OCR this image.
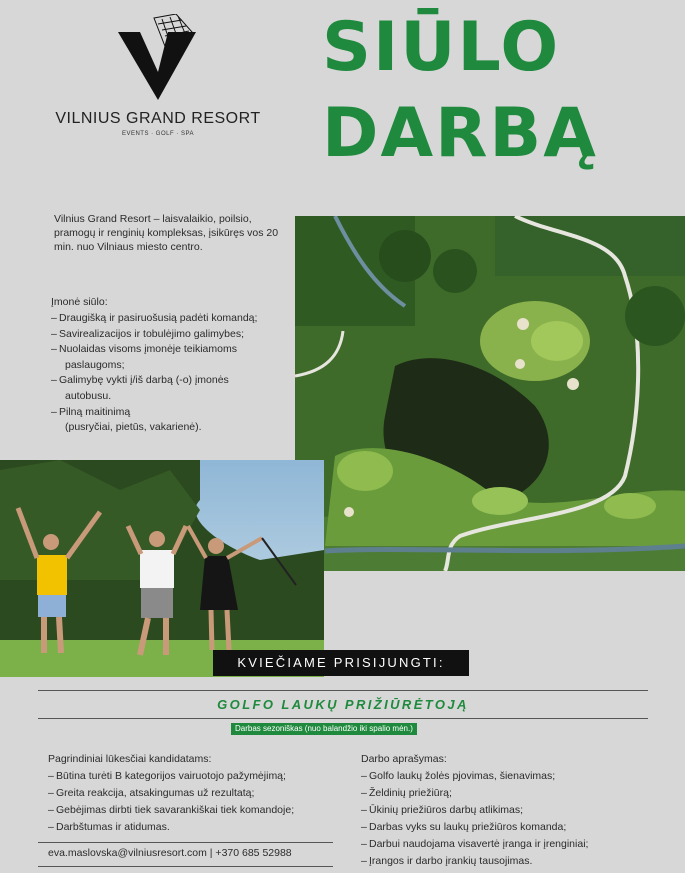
VILNIUS GRAND RESORT
EVENTS · GOLF · SPA
SIŪLO
DARBĄ
Vilnius Grand Resort – laisvalaikio, poilsio, pramogų ir renginių kompleksas, įsikūręs vos 20 min. nuo Vilniaus miesto centro.
Įmonė siūlo:
– Draugišką ir pasiruošusią padėti komandą;
– Savirealizacijos ir tobulėjimo galimybes;
– Nuolaidas visoms įmonėje teikiamoms
paslaugoms;
– Galimybę vykti į/iš darbą (-o) įmonės
autobusu.
– Pilną maitinimą
(pusryčiai, pietūs, vakarienė).
KVIEČIAME PRISIJUNGTI:
GOLFO LAUKŲ PRIŽIŪRĖTOJĄ
Darbas sezoniškas (nuo balandžio iki spalio mėn.)
Pagrindiniai lūkesčiai kandidatams:
– Būtina turėti B kategorijos vairuotojo pažymėjimą;
– Greita reakcija, atsakingumas už rezultatą;
– Gebėjimas dirbti tiek savarankiškai tiek komandoje;
– Darbštumas ir atidumas.
Darbo aprašymas:
– Golfo laukų žolės pjovimas, šienavimas;
– Želdinių priežiūrą;
– Ūkinių priežiūros darbų atlikimas;
– Darbas vyks su laukų priežiūros komanda;
– Darbui naudojama visavertė įranga ir įrenginiai;
– Įrangos ir darbo įrankių tausojimas.
eva.maslovska@vilniusresort.com | +370 685 52988
